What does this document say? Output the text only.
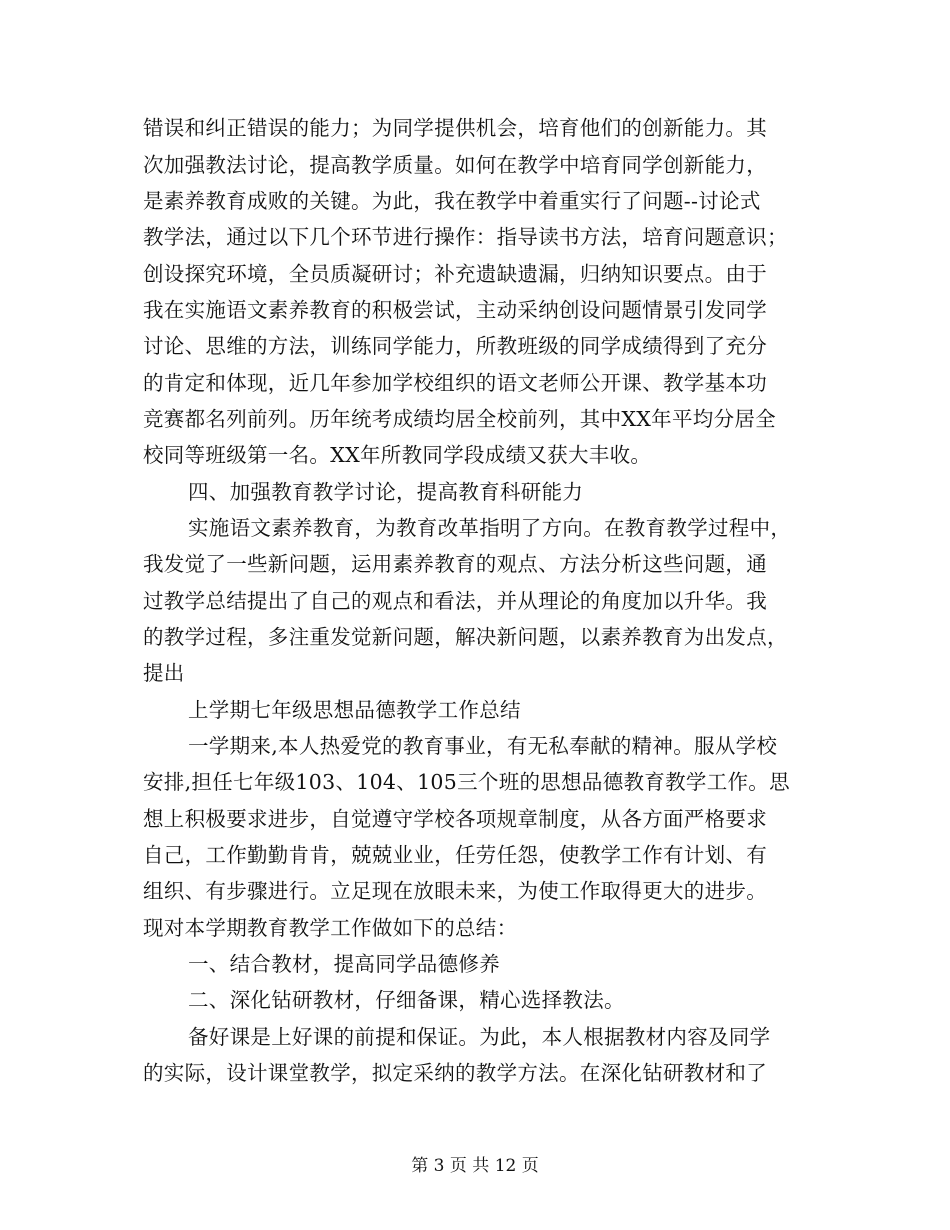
错误和纠正错误的能力；为同学提供机会，培育他们的创新能力。其
次加强教法讨论，提高教学质量。如何在教学中培育同学创新能力，
是素养教育成败的关键。为此，我在教学中着重实行了问题--讨论式
教学法，通过以下几个环节进行操作：指导读书方法，培育问题意识；
创设探究环境，全员质凝研讨；补充遗缺遗漏，归纳知识要点。由于
我在实施语文素养教育的积极尝试，主动采纳创设问题情景引发同学
讨论、思维的方法，训练同学能力，所教班级的同学成绩得到了充分
的肯定和体现，近几年参加学校组织的语文老师公开课、教学基本功
竞赛都名列前列。历年统考成绩均居全校前列，其中XX年平均分居全
校同等班级第一名。XX年所教同学段成绩又获大丰收。
四、加强教育教学讨论，提高教育科研能力
实施语文素养教育，为教育改革指明了方向。在教育教学过程中，
我发觉了一些新问题，运用素养教育的观点、方法分析这些问题，通
过教学总结提出了自己的观点和看法，并从理论的角度加以升华。我
的教学过程，多注重发觉新问题，解决新问题，以素养教育为出发点，
提出
上学期七年级思想品德教学工作总结
一学期来,本人热爱党的教育事业，有无私奉献的精神。服从学校
安排,担任七年级103、104、105三个班的思想品德教育教学工作。思
想上积极要求进步，自觉遵守学校各项规章制度，从各方面严格要求
自己，工作勤勤肯肯，兢兢业业，任劳任怨，使教学工作有计划、有
组织、有步骤进行。立足现在放眼未来，为使工作取得更大的进步。
现对本学期教育教学工作做如下的总结：
一、结合教材，提高同学品德修养
二、深化钻研教材，仔细备课，精心选择教法。
备好课是上好课的前提和保证。为此，本人根据教材内容及同学
的实际，设计课堂教学，拟定采纳的教学方法。在深化钻研教材和了
第 3 页 共 12 页
